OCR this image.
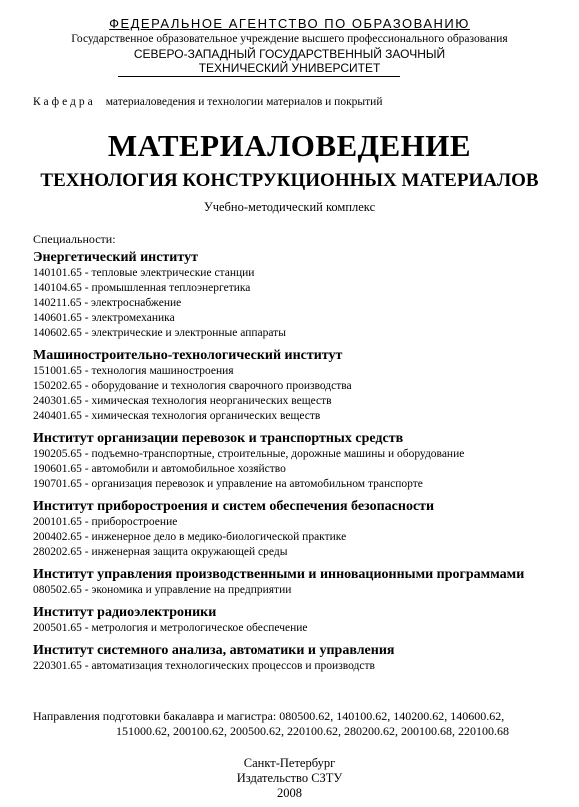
ФЕДЕРАЛЬНОЕ АГЕНТСТВО ПО ОБРАЗОВАНИЮ
Государственное образовательное учреждение высшего профессионального образования
СЕВЕРО-ЗАПАДНЫЙ ГОСУДАРСТВЕННЫЙ ЗАОЧНЫЙ
ТЕХНИЧЕСКИЙ УНИВЕРСИТЕТ
Кафедра материаловедения и технологии материалов и покрытий
МАТЕРИАЛОВЕДЕНИЕ
ТЕХНОЛОГИЯ КОНСТРУКЦИОННЫХ МАТЕРИАЛОВ
Учебно-методический комплекс
Специальности:
Энергетический институт
140101.65 - тепловые электрические станции
140104.65 - промышленная теплоэнергетика
140211.65 - электроснабжение
140601.65 - электромеханика
140602.65 - электрические и электронные аппараты
Машиностроительно-технологический институт
151001.65 - технология машиностроения
150202.65 - оборудование и технология сварочного производства
240301.65 - химическая технология неорганических веществ
240401.65 - химическая технология органических веществ
Институт организации перевозок и транспортных средств
190205.65 - подъемно-транспортные, строительные, дорожные машины и оборудование
190601.65 - автомобили и автомобильное хозяйство
190701.65 - организация перевозок и управление на автомобильном транспорте
Институт приборостроения и систем обеспечения безопасности
200101.65 - приборостроение
200402.65 - инженерное дело в медико-биологической практике
280202.65 - инженерная защита окружающей среды
Институт управления производственными и инновационными программами
080502.65 - экономика и управление на предприятии
Институт радиоэлектроники
200501.65 - метрология и метрологическое обеспечение
Институт системного анализа, автоматики и управления
220301.65 - автоматизация технологических процессов и производств
Направления подготовки бакалавра и магистра: 080500.62, 140100.62, 140200.62, 140600.62,
151000.62, 200100.62, 200500.62, 220100.62, 280200.62, 200100.68, 220100.68
Санкт-Петербург
Издательство СЗТУ
2008
